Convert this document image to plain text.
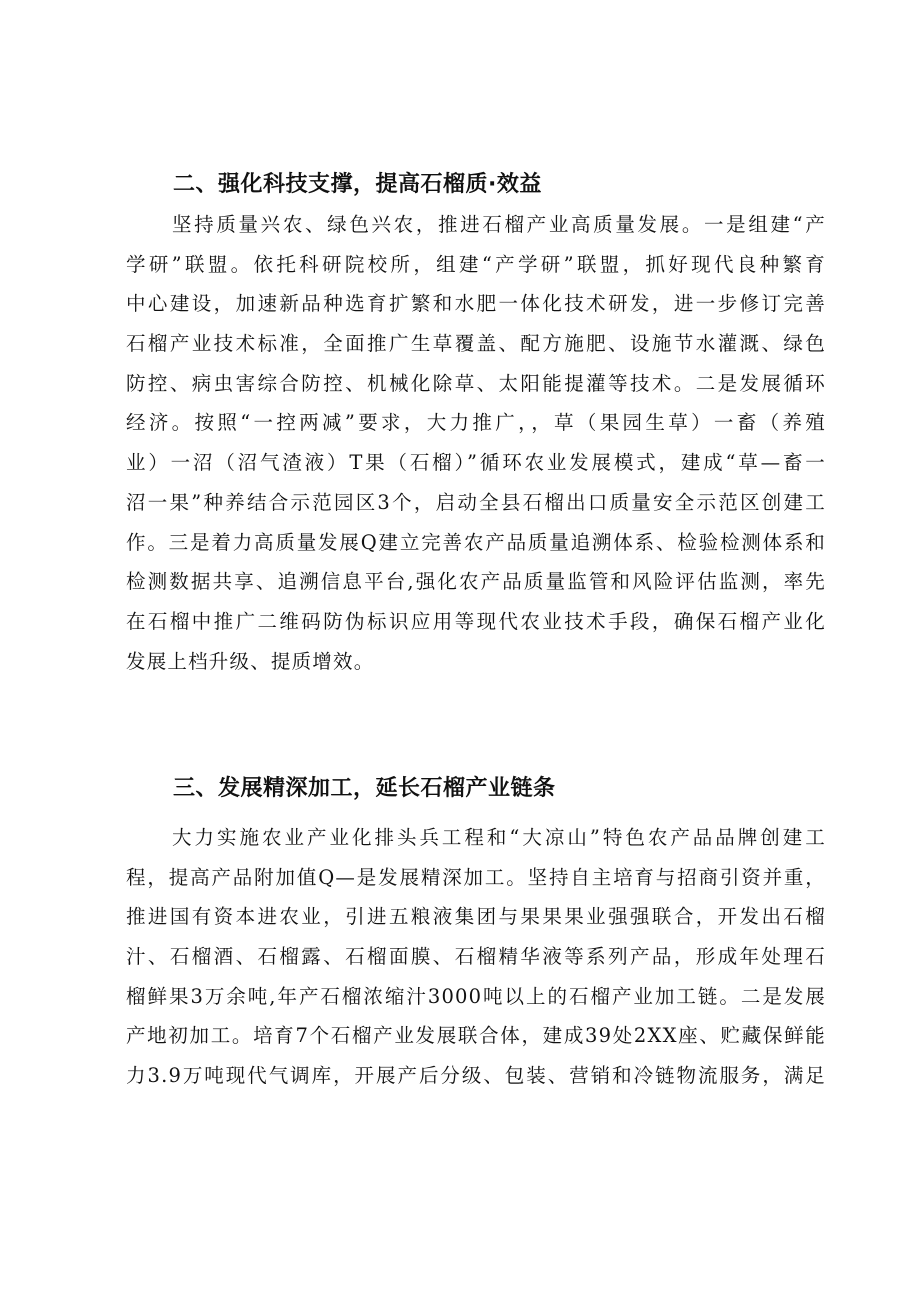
二、强化科技支撑，提高石榴质·效益
坚持质量兴农、绿色兴农，推进石榴产业高质量发展。一是组建“产
学研”联盟。依托科研院校所，组建“产学研”联盟，抓好现代良种繁育
中心建设，加速新品种选育扩繁和水肥一体化技术研发，进一步修订完善
石榴产业技术标准，全面推广生草覆盖、配方施肥、设施节水灌溉、绿色
防控、病虫害综合防控、机械化除草、太阳能提灌等技术。二是发展循环
经济。按照“一控两减”要求，大力推广，，草（果园生草）一畜（养殖
业）一沼（沼气渣液）T果（石榴）”循环农业发展模式，建成“草—畜一
沼一果”种养结合示范园区3个，启动全县石榴出口质量安全示范区创建工
作。三是着力高质量发展Q建立完善农产品质量追溯体系、检验检测体系和
检测数据共享、追溯信息平台,强化农产品质量监管和风险评估监测，率先
在石榴中推广二维码防伪标识应用等现代农业技术手段，确保石榴产业化
发展上档升级、提质增效。
三、发展精深加工，延长石榴产业链条
大力实施农业产业化排头兵工程和“大凉山”特色农产品品牌创建工
程，提高产品附加值Q—是发展精深加工。坚持自主培育与招商引资并重，
推进国有资本进农业，引进五粮液集团与果果果业强强联合，开发出石榴
汁、石榴酒、石榴露、石榴面膜、石榴精华液等系列产品，形成年处理石
榴鲜果3万余吨,年产石榴浓缩汁3000吨以上的石榴产业加工链。二是发展
产地初加工。培育7个石榴产业发展联合体，建成39处2XX座、贮藏保鲜能
力3.9万吨现代气调库，开展产后分级、包装、营销和冷链物流服务，满足
